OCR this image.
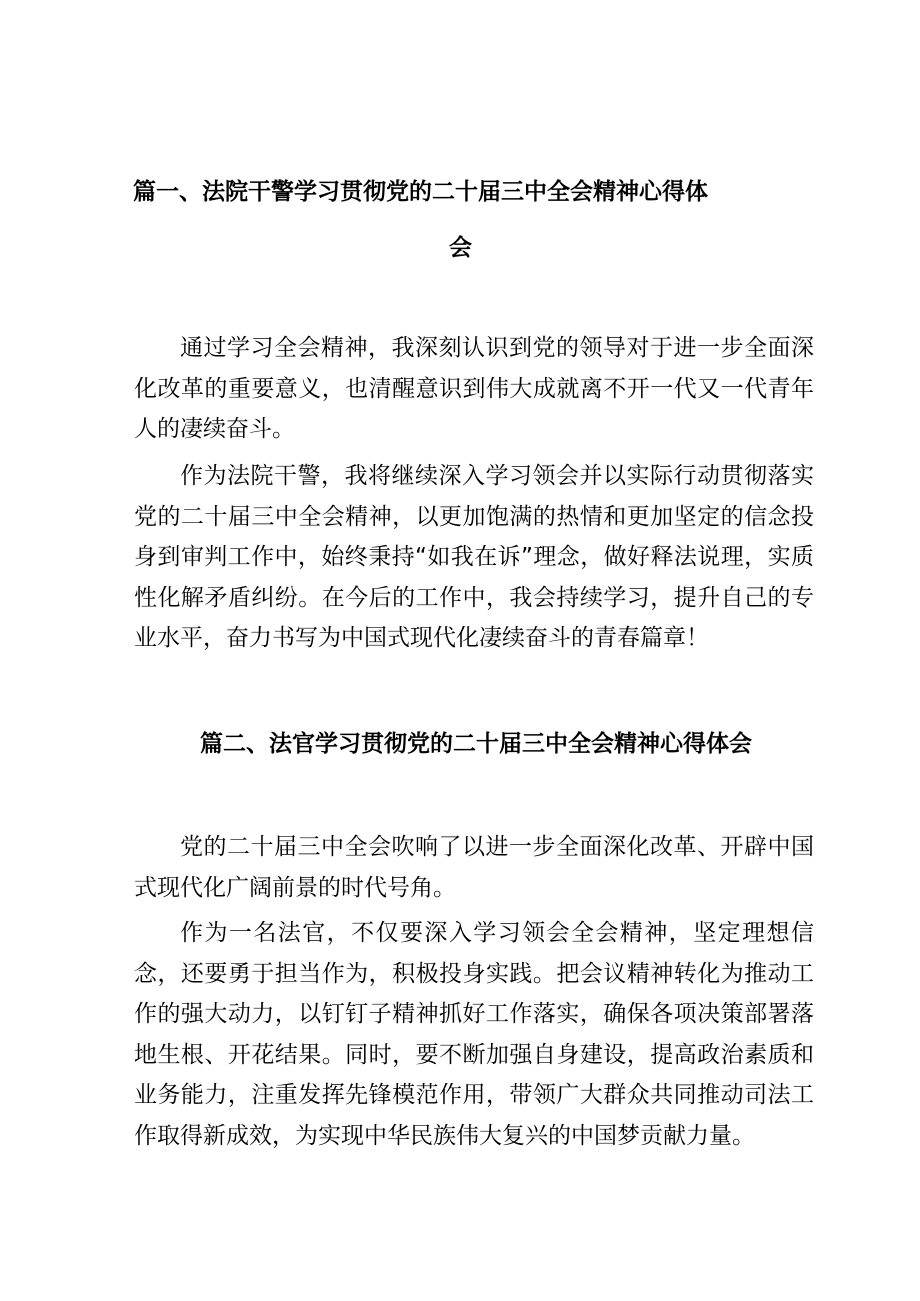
篇一、法院干警学习贯彻党的二十届三中全会精神心得体
会
通过学习全会精神，我深刻认识到党的领导对于进一步全面深化改革的重要意义，也清醒意识到伟大成就离不开一代又一代青年人的凄续奋斗。
作为法院干警，我将继续深入学习领会并以实际行动贯彻落实党的二十届三中全会精神，以更加饱满的热情和更加坚定的信念投身到审判工作中，始终秉持“如我在诉”理念，做好释法说理，实质性化解矛盾纠纷。在今后的工作中，我会持续学习，提升自己的专业水平，奋力书写为中国式现代化凄续奋斗的青春篇章！
篇二、法官学习贯彻党的二十届三中全会精神心得体会
党的二十届三中全会吹响了以进一步全面深化改革、开辟中国式现代化广阔前景的时代号角。
作为一名法官，不仅要深入学习领会全会精神，坚定理想信念，还要勇于担当作为，积极投身实践。把会议精神转化为推动工作的强大动力，以钉钉子精神抓好工作落实，确保各项决策部署落地生根、开花结果。同时，要不断加强自身建设，提高政治素质和业务能力，注重发挥先锋模范作用，带领广大群众共同推动司法工作取得新成效，为实现中华民族伟大复兴的中国梦贡献力量。
